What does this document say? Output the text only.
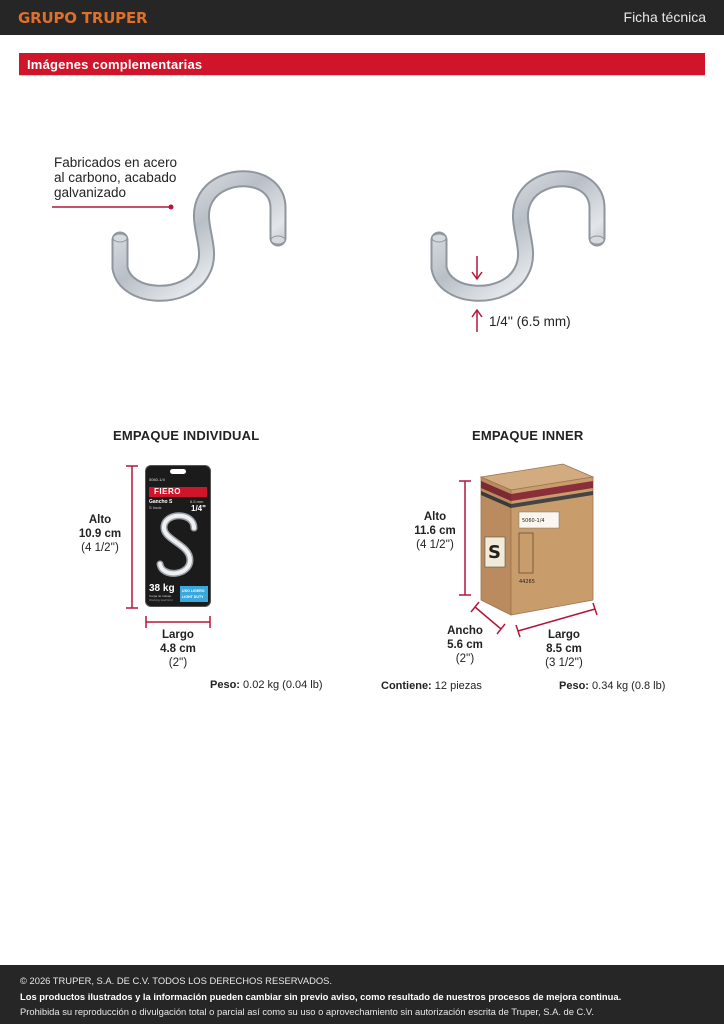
GRUPO TRUPER	Ficha técnica
Imágenes complementarias
Fabricados en acero
al carbono, acabado
galvanizado
1/4'' (6.5 mm)
EMPAQUE INDIVIDUAL
5060-1/4
FIERO
Gancho S
S hook
6.5 mm
1/4"
38 kg
Carga de trabajo
Working load limit
USO LIGERO
LIGHT DUTY
Alto
10.9 cm
(4 1/2'')
Largo
4.8 cm
(2'')
Peso: 0.02 kg (0.04 lb)
EMPAQUE INNER
S
5060-1/4
44265
Alto
11.6 cm
(4 1/2'')
Ancho
5.6 cm
(2'')
Largo
8.5 cm
(3 1/2'')
Contiene: 12 piezas	Peso: 0.34 kg (0.8 lb)

© 2026 TRUPER, S.A. DE C.V. TODOS LOS DERECHOS RESERVADOS.

Los productos ilustrados y la información pueden cambiar sin previo aviso, como resultado de nuestros procesos de mejora continua.

Prohibida su reproducción o divulgación total o parcial así como su uso o aprovechamiento sin autorización escrita de Truper, S.A. de C.V.
